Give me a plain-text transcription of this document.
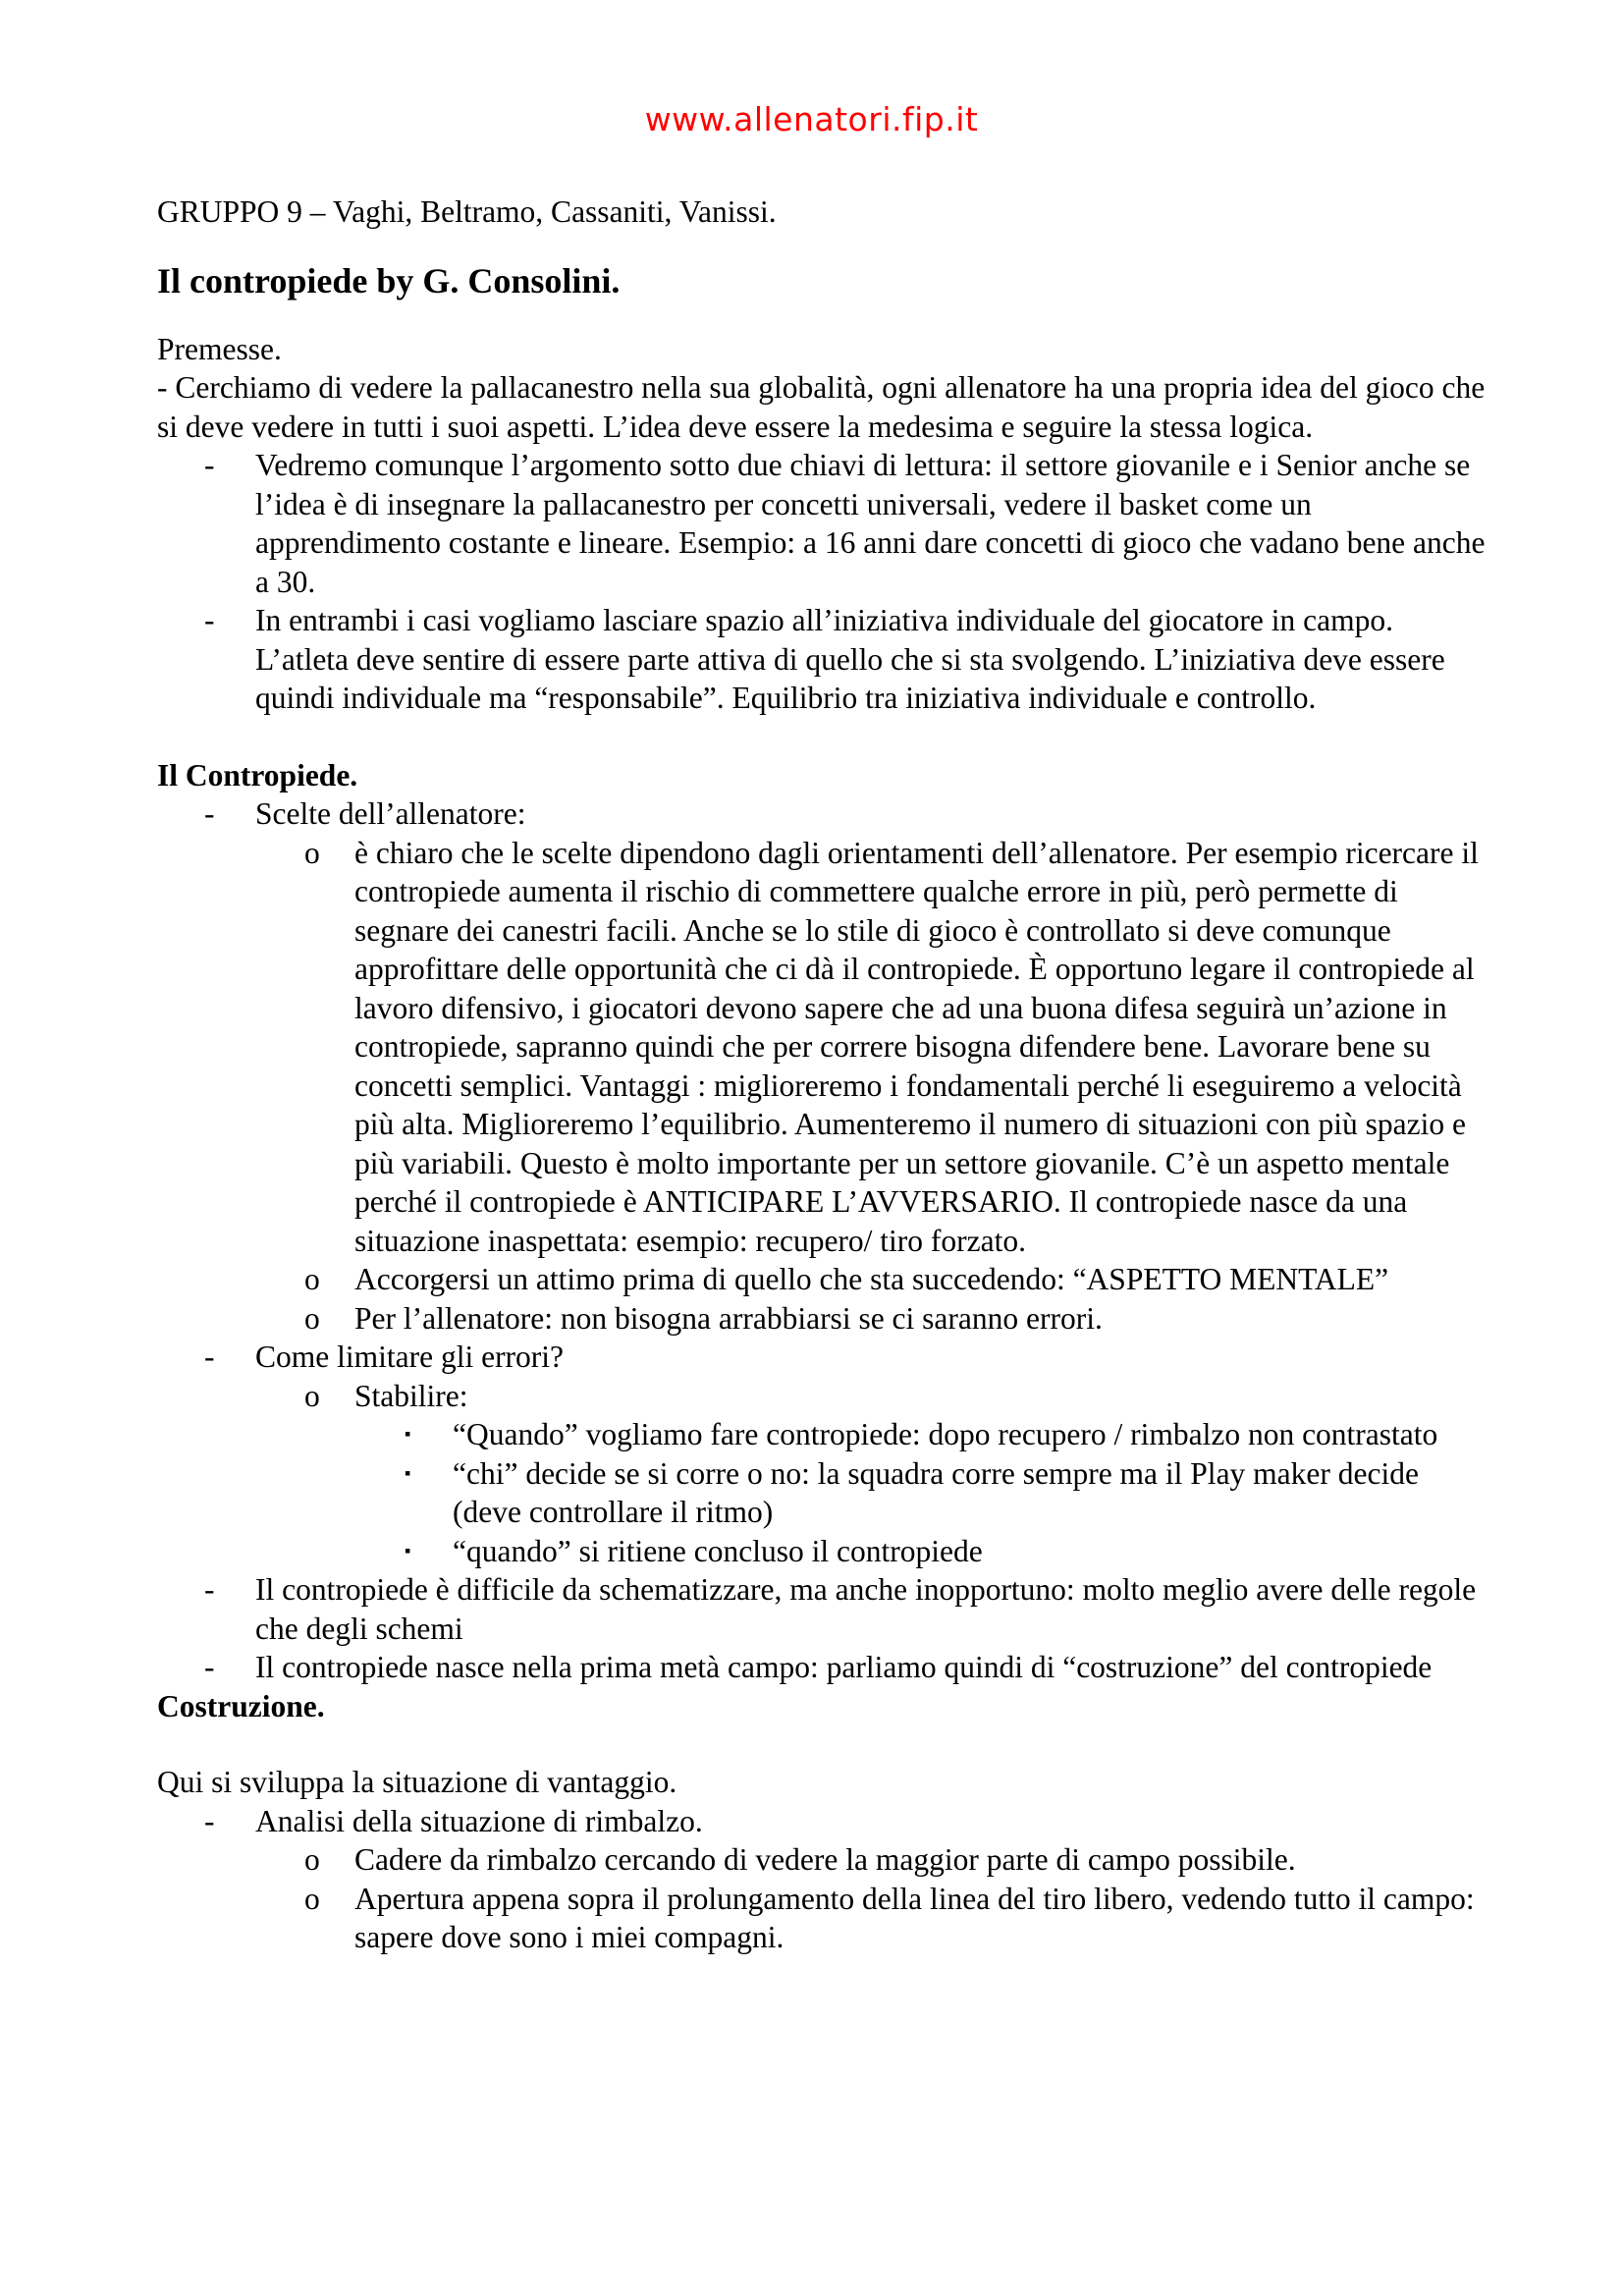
www.allenatori.fip.it

GRUPPO 9 – Vaghi, Beltramo, Cassaniti, Vanissi.

Il contropiede by G. Consolini.

Premesse.

- Cerchiamo di vedere la pallacanestro nella sua globalità, ogni allenatore ha una propria idea del gioco che si deve vedere in tutti i suoi aspetti. L’idea deve essere la medesima e seguire la stessa logica.

- Vedremo comunque l’argomento sotto due chiavi di lettura: il settore giovanile e i Senior anche se l’idea è di insegnare la pallacanestro per concetti universali, vedere il basket come un apprendimento costante e lineare. Esempio: a 16 anni dare concetti di gioco che vadano bene anche a 30.
- In entrambi i casi vogliamo lasciare spazio all’iniziativa individuale del giocatore in campo. L’atleta deve sentire di essere parte attiva di quello che si sta svolgendo. L’iniziativa deve essere quindi individuale ma “responsabile”. Equilibrio tra iniziativa individuale e controllo.

Il Contropiede.

- Scelte dell’allenatore:
o è chiaro che le scelte dipendono dagli orientamenti dell’allenatore. Per esempio ricercare il contropiede aumenta il rischio di commettere qualche errore in più, però permette di segnare dei canestri facili. Anche se lo stile di gioco è controllato si deve comunque approfittare delle opportunità che ci dà il contropiede. È opportuno legare il contropiede al lavoro difensivo, i giocatori devono sapere che ad una buona difesa seguirà un’azione in contropiede, sapranno quindi che per correre bisogna difendere bene. Lavorare bene su concetti semplici. Vantaggi : miglioreremo i fondamentali perché li eseguiremo a velocità più alta. Miglioreremo l’equilibrio. Aumenteremo il numero di situazioni con più spazio e più variabili. Questo è molto importante per un settore giovanile. C’è un aspetto mentale perché il contropiede è ANTICIPARE L’AVVERSARIO. Il contropiede nasce da una situazione inaspettata: esempio: recupero/ tiro forzato.
o Accorgersi un attimo prima di quello che sta succedendo: “ASPETTO MENTALE”
o Per l’allenatore: non bisogna arrabbiarsi se ci saranno errori.
- Come limitare gli errori?
o Stabilire:
▪ “Quando” vogliamo fare contropiede: dopo recupero / rimbalzo non contrastato
▪ “chi” decide se si corre o no: la squadra corre sempre ma il Play maker decide (deve controllare il ritmo)
▪ “quando” si ritiene concluso il contropiede
- Il contropiede è difficile da schematizzare, ma anche inopportuno: molto meglio avere delle regole che degli schemi
- Il contropiede nasce nella prima metà campo: parliamo quindi di “costruzione” del contropiede

Costruzione.

Qui si sviluppa la situazione di vantaggio.

- Analisi della situazione di rimbalzo.
o Cadere da rimbalzo cercando di vedere la maggior parte di campo possibile.
o Apertura appena sopra il prolungamento della linea del tiro libero, vedendo tutto il campo: sapere dove sono i miei compagni.
